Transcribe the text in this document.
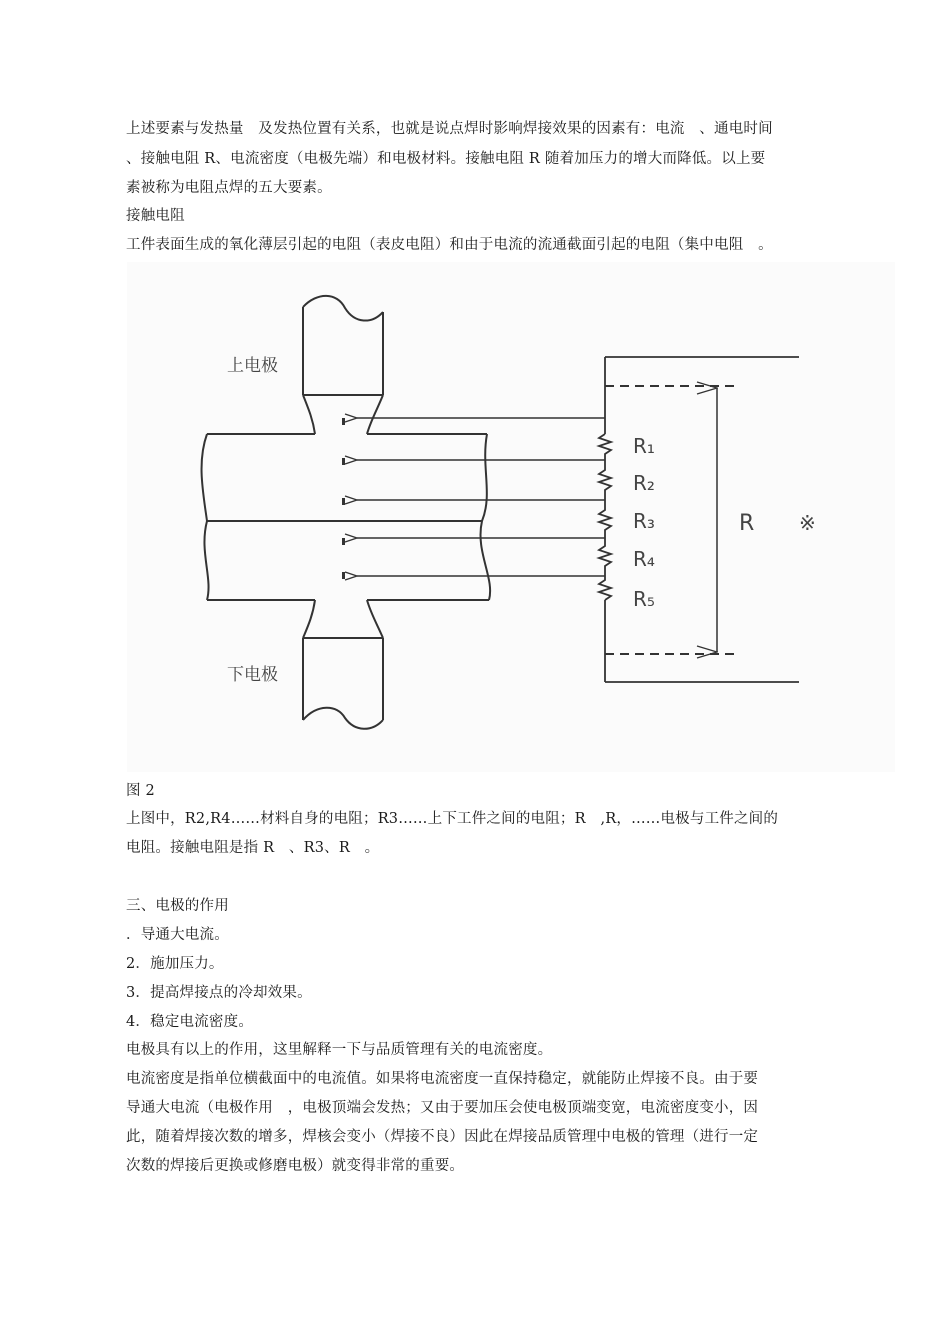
上述要素与发热量　及发热位置有关系，也就是说点焊时影响焊接效果的因素有：电流　、通电时间
、接触电阻 R、电流密度（电极先端）和电极材料。接触电阻 R 随着加压力的增大而降低。以上要
素被称为电阻点焊的五大要素。
接触电阻
工件表面生成的氧化薄层引起的电阻（表皮电阻）和由于电流的流通截面引起的电阻（集中电阻　。
上电极
下电极
R₁
R₂
R₃
R₄
R₅
R ※
图 2
上图中，R2,R4……材料自身的电阻；R3……上下工件之间的电阻；R　,R，……电极与工件之间的
电阻。接触电阻是指 R　、R3、R　。
三、电极的作用
．导通大电流。
2．施加压力。
3．提高焊接点的冷却效果。
4．稳定电流密度。
电极具有以上的作用，这里解释一下与品质管理有关的电流密度。
电流密度是指单位横截面中的电流值。如果将电流密度一直保持稳定，就能防止焊接不良。由于要
导通大电流（电极作用　，电极顶端会发热；又由于要加压会使电极顶端变宽，电流密度变小，因
此，随着焊接次数的增多，焊核会变小（焊接不良）因此在焊接品质管理中电极的管理（进行一定
次数的焊接后更换或修磨电极）就变得非常的重要。
